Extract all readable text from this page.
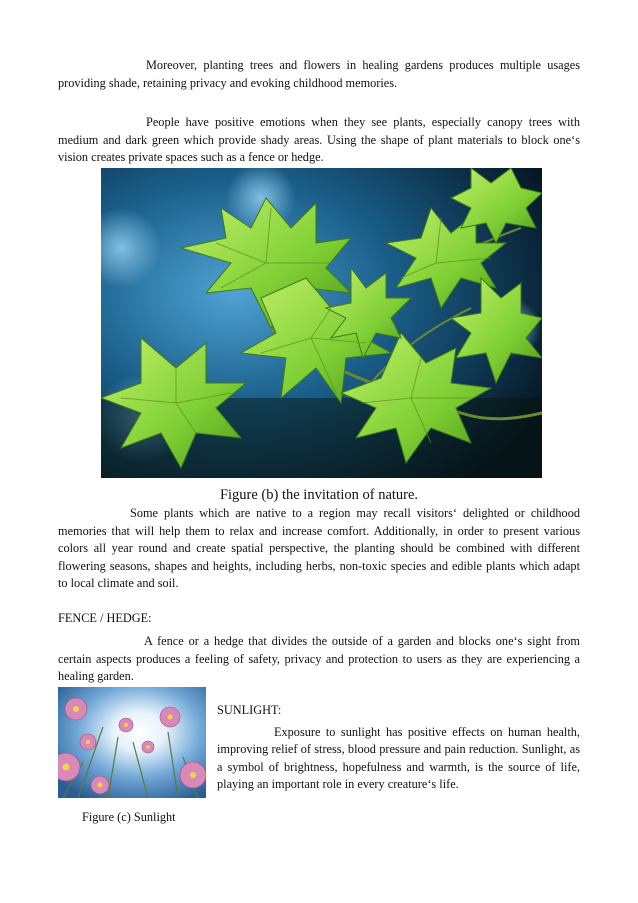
Moreover, planting trees and flowers in healing gardens produces multiple usages providing shade, retaining privacy and evoking childhood memories.

People have positive emotions when they see plants, especially canopy trees with medium and dark green which provide shady areas. Using the shape of plant materials to block one‘s vision creates private spaces such as a fence or hedge.

Figure (b) the invitation of nature.

Some plants which are native to a region may recall visitors‘ delighted or childhood memories that will help them to relax and increase comfort. Additionally, in order to present various colors all year round and create spatial perspective, the planting should be combined with different flowering seasons, shapes and heights, including herbs, non-toxic species and edible plants which adapt to local climate and soil.

FENCE / HEDGE:

A fence or a hedge that divides the outside of a garden and blocks one‘s sight from certain aspects produces a feeling of safety, privacy and protection to users as they are experiencing a healing garden.

SUNLIGHT:

Exposure to sunlight has positive effects on human health, improving relief of stress, blood pressure and pain reduction. Sunlight, as a symbol of brightness, hopefulness and warmth, is the source of life, playing an important role in every creature‘s life.

Figure (c) Sunlight
